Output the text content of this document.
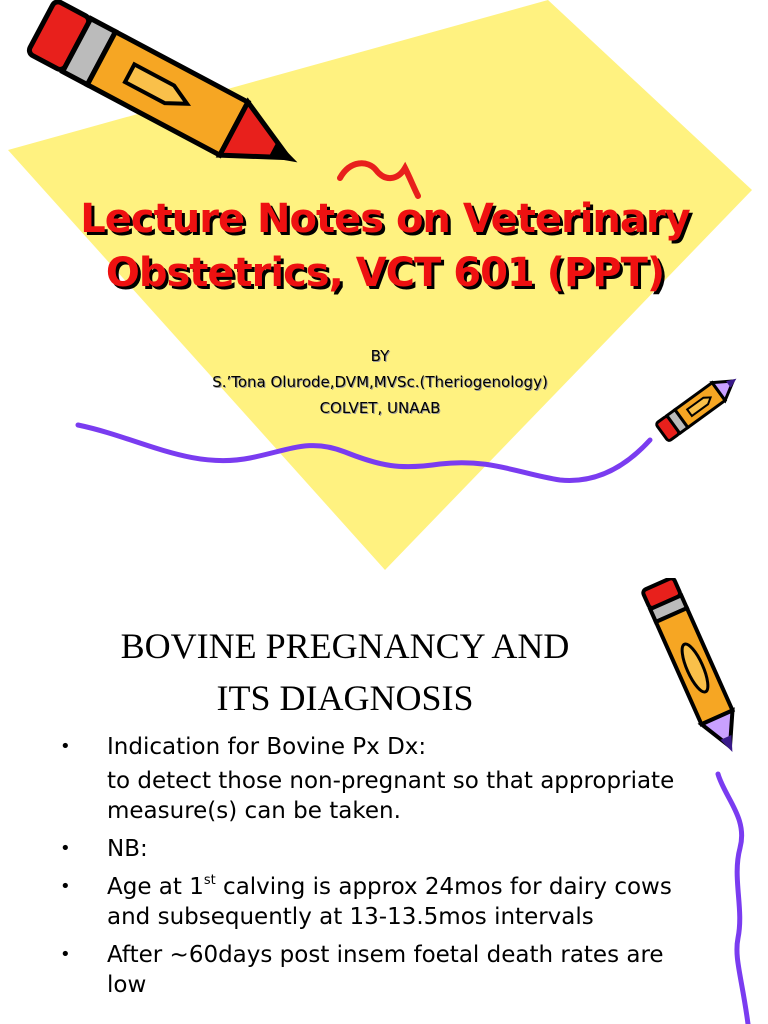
Lecture Notes on Veterinary
Obstetrics, VCT 601 (PPT)
BY
S.’Tona Olurode,DVM,MVSc.(Theriogenology)
COLVET, UNAAB
BOVINE PREGNANCY AND
ITS DIAGNOSIS
•	Indication for Bovine Px Dx:
to detect those non-pregnant so that appropriate measure(s) can be taken.
•	NB:
•	Age at 1st calving is approx 24mos for dairy cows and subsequently at 13-13.5mos intervals
•	After ~60days post insem foetal death rates are low
